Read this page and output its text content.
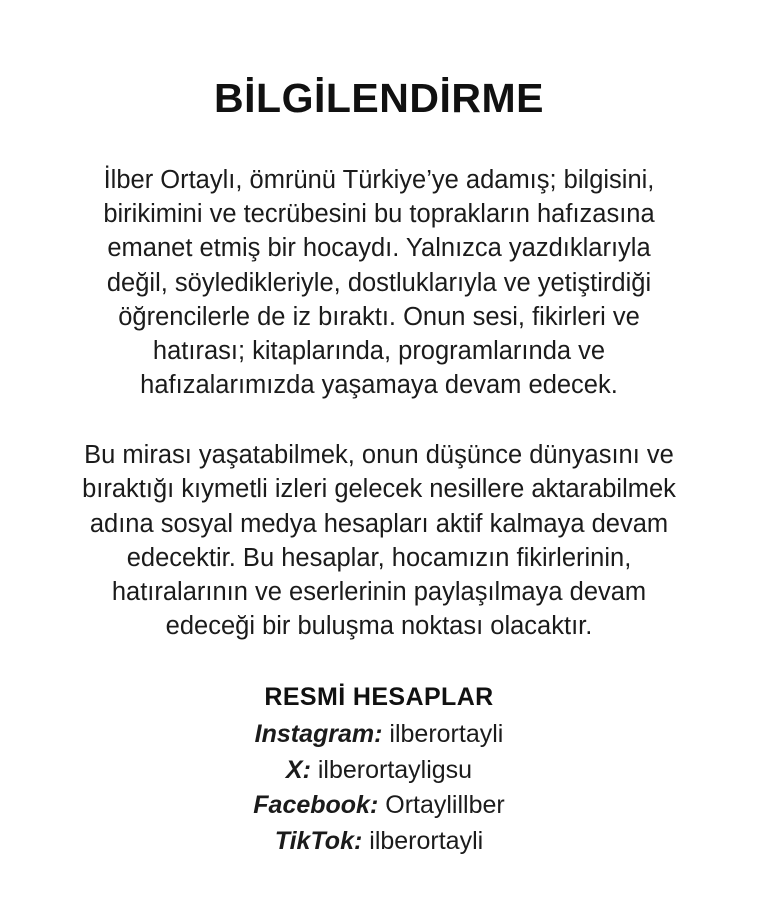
BİLGİLENDİRME

İlber Ortaylı, ömrünü Türkiye’ye adamış; bilgisini, birikimini ve tecrübesini bu toprakların hafızasına emanet etmiş bir hocaydı. Yalnızca yazdıklarıyla değil, söyledikleriyle, dostluklarıyla ve yetiştirdiği öğrencilerle de iz bıraktı. Onun sesi, fikirleri ve hatırası; kitaplarında, programlarında ve hafızalarımızda yaşamaya devam edecek.

Bu mirası yaşatabilmek, onun düşünce dünyasını ve bıraktığı kıymetli izleri gelecek nesillere aktarabilmek adına sosyal medya hesapları aktif kalmaya devam edecektir. Bu hesaplar, hocamızın fikirlerinin, hatıralarının ve eserlerinin paylaşılmaya devam edeceği bir buluşma noktası olacaktır.

RESMİ HESAPLAR
Instagram: ilberortayli
X: ilberortayligsu
Facebook: Ortaylillber
TikTok: ilberortayli
